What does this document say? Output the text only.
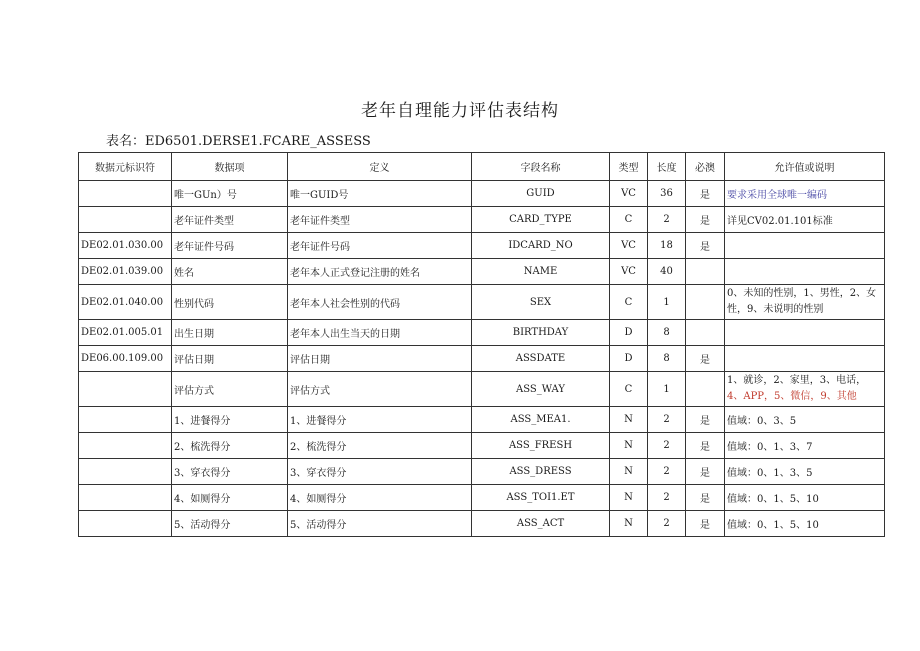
老年自理能力评估表结构
表名：ED6501.DERSE1.FCARE_ASSESS
数据元标识符	数据项	定义	字段名称	类型	长度	必澳	允许值或说明
	唯一GUn）号	唯一GUID号	GUID	VC	36	是	要求采用全球唯一编码
	老年证件类型	老年证件类型	CARD_TYPE	C	2	是	详见CV02.01.101标准
DE02.01.030.00	老年证件号码	老年证件号码	IDCARD_NO	VC	18	是	
DE02.01.039.00	姓名	老年本人正式登记注册的姓名	NAME	VC	40		
DE02.01.040.00	性别代码	老年本人社会性别的代码	SEX	C	1		0、未知的性别，1、男性，2、女性，9、未说明的性别
DE02.01.005.01	出生日期	老年本人出生当天的日期	BIRTHDAY	D	8		
DE06.00.109.00	评估日期	评估日期	ASSDATE	D	8	是	
	评估方式	评估方式	ASS_WAY	C	1		1、就诊，2、家里，3、电话，4、APP，5、微信，9、其他
	1、进餐得分	1、进餐得分	ASS_MEA1.	N	2	是	值域：0、3、5
	2、梳洗得分	2、梳洗得分	ASS_FRESH	N	2	是	值域：0、1、3、7
	3、穿衣得分	3、穿衣得分	ASS_DRESS	N	2	是	值域：0、1、3、5
	4、如厕得分	4、如厕得分	ASS_TOI1.ET	N	2	是	值域：0、1、5、10
	5、活动得分	5、活动得分	ASS_ACT	N	2	是	值域：0、1、5、10
